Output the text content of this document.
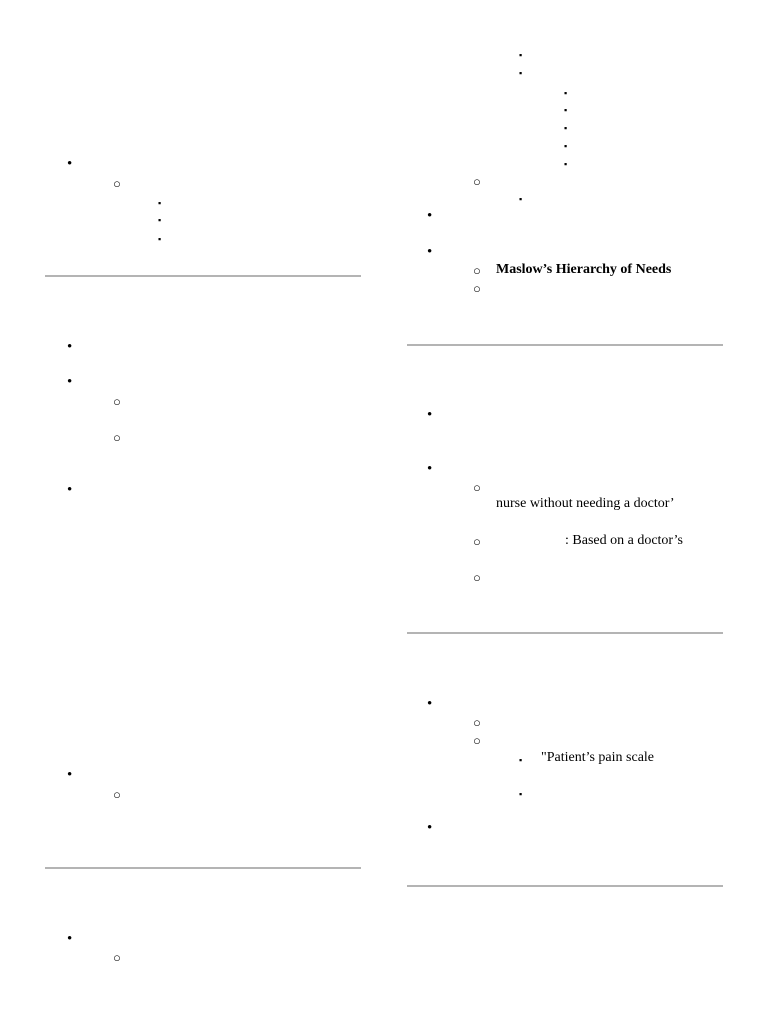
•
○
▪
▪
▪
•
•
○
○
•
•
○
•
○
▪
▪
▪
▪
▪
▪
▪
○
▪
•
•
○ Maslow’s Hierarchy of Needs
○
•
•
○
nurse without needing a doctor’
○	: Based on a doctor’s
○
•
○
○
▪ "Patient’s pain scale
▪
•
